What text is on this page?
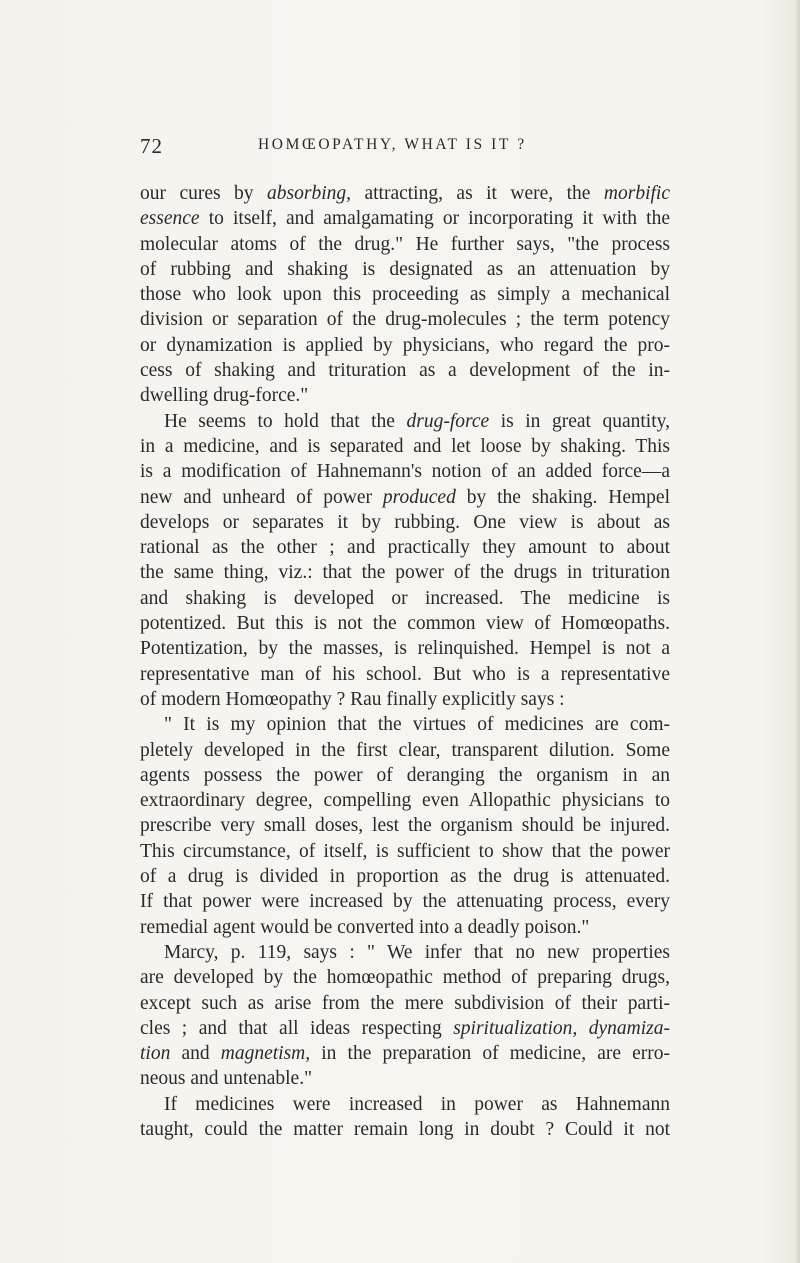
72	HOMŒOPATHY, WHAT IS IT ?
our cures by absorbing, attracting, as it were, the morbific
essence to itself, and amalgamating or incorporating it with the
molecular atoms of the drug." He further says, "the process
of rubbing and shaking is designated as an attenuation by
those who look upon this proceeding as simply a mechanical
division or separation of the drug-molecules ; the term potency
or dynamization is applied by physicians, who regard the pro-
cess of shaking and trituration as a development of the in-
dwelling drug-force."
He seems to hold that the drug-force is in great quantity,
in a medicine, and is separated and let loose by shaking. This
is a modification of Hahnemann's notion of an added force—a
new and unheard of power produced by the shaking. Hempel
develops or separates it by rubbing. One view is about as
rational as the other ; and practically they amount to about
the same thing, viz.: that the power of the drugs in trituration
and shaking is developed or increased. The medicine is
potentized. But this is not the common view of Homœopaths.
Potentization, by the masses, is relinquished. Hempel is not a
representative man of his school. But who is a representative
of modern Homœopathy ? Rau finally explicitly says :
" It is my opinion that the virtues of medicines are com-
pletely developed in the first clear, transparent dilution. Some
agents possess the power of deranging the organism in an
extraordinary degree, compelling even Allopathic physicians to
prescribe very small doses, lest the organism should be injured.
This circumstance, of itself, is sufficient to show that the power
of a drug is divided in proportion as the drug is attenuated.
If that power were increased by the attenuating process, every
remedial agent would be converted into a deadly poison."
Marcy, p. 119, says : " We infer that no new properties
are developed by the homœopathic method of preparing drugs,
except such as arise from the mere subdivision of their parti-
cles ; and that all ideas respecting spiritualization, dynamiza-
tion and magnetism, in the preparation of medicine, are erro-
neous and untenable."
If medicines were increased in power as Hahnemann
taught, could the matter remain long in doubt ? Could it not
